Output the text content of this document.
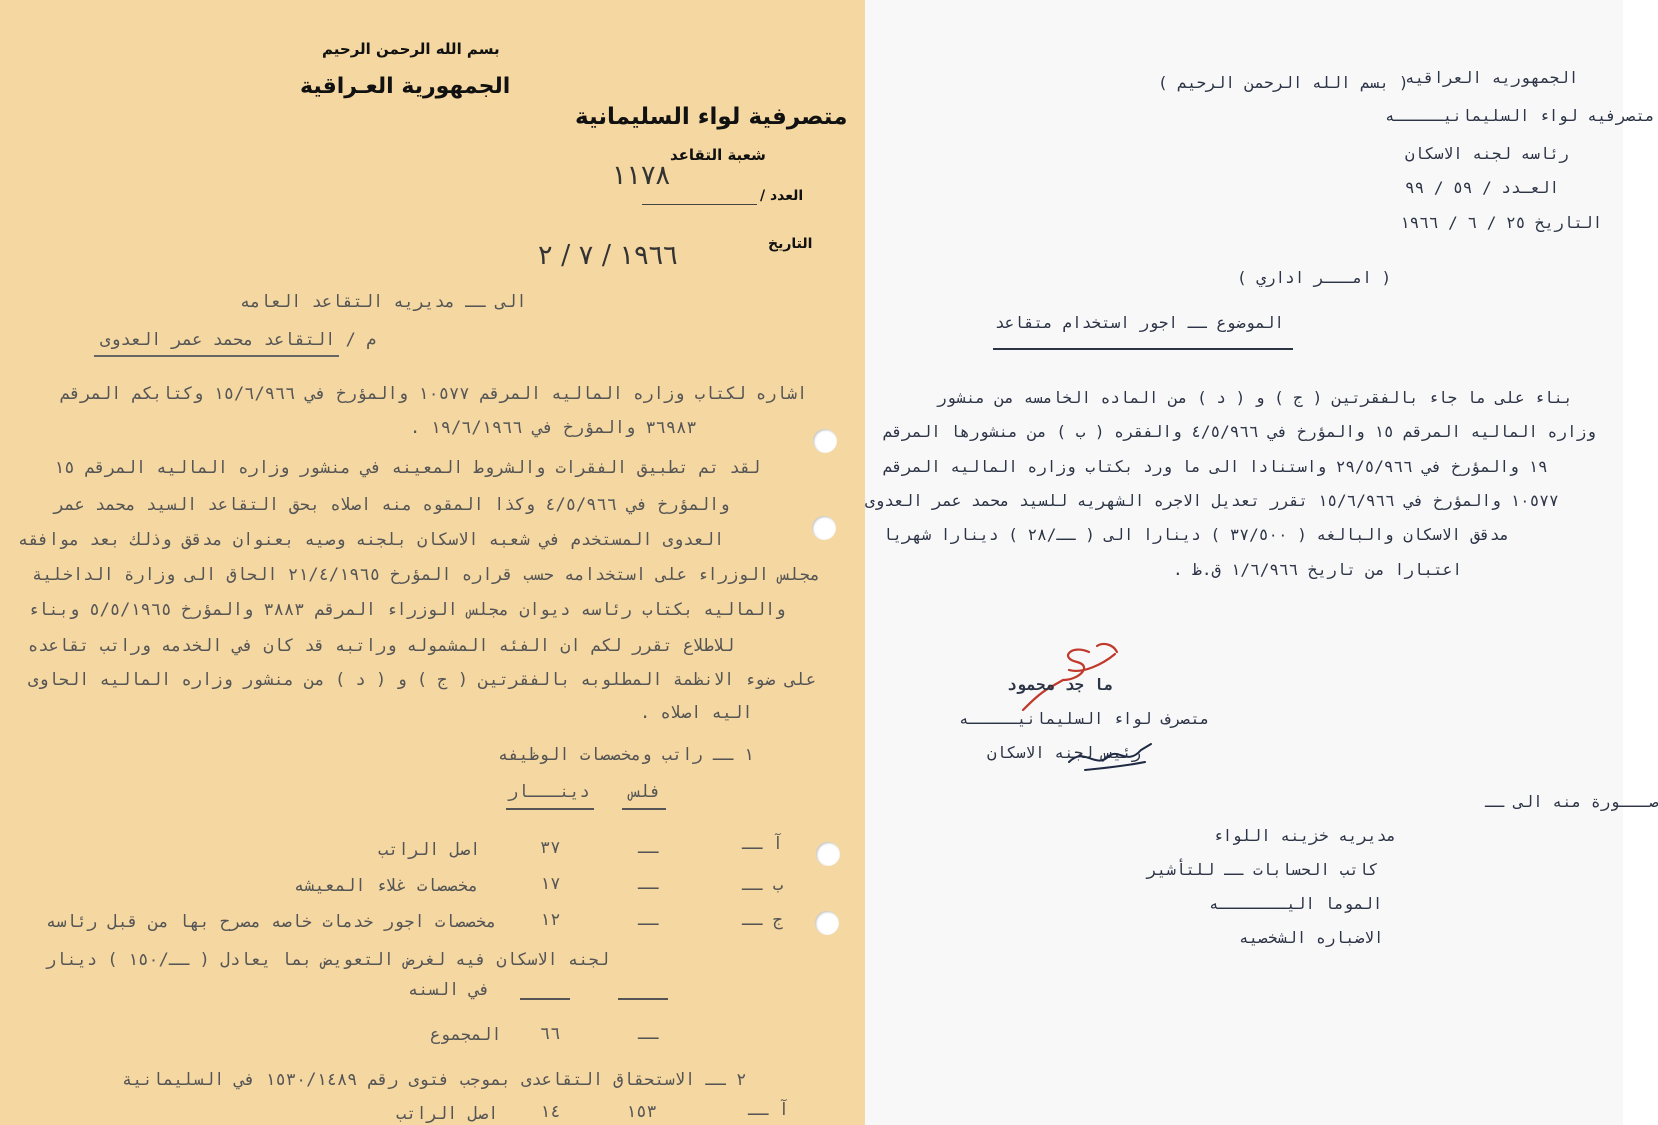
بسم الله الرحمن الرحيم
الجمهورية العـراقية
متصرفية لواء السليمانية
شعبة التقاعد
١١٧٨
العدد /
التاريخ
١٩٦٦ / ٧ / ٢
الى ــ مديريه التقاعد العامه
م / التقاعد محمد عمر العدوى
اشاره لكتاب وزاره الماليه المرقم ١٠٥٧٧ والمؤرخ في ١٥/٦/٩٦٦ وكتابكم المرقم
٣٦٩٨٣ والمؤرخ في ١٩/٦/١٩٦٦ .
لقد تم تطبيق الفقرات والشروط المعينه في منشور وزاره الماليه المرقم ١٥
والمؤرخ في ٤/٥/٩٦٦ وكذا المقوه منه اصلاه بحق التقاعد السيد محمد عمر
العدوى المستخدم في شعبه الاسكان بلجنه وصيه بعنوان مدقق وذلك بعد موافقه
مجلس الوزراء على استخدامه حسب قراره المؤرخ ٢١/٤/١٩٦٥ الحاق الى وزارة الداخلية
والماليه بكتاب رئاسه ديوان مجلس الوزراء المرقم ٣٨٨٣ والمؤرخ ٥/٥/١٩٦٥ وبناء
للاطلاع تقرر لكم ان الفئه المشموله وراتبه قد كان في الخدمه وراتب تقاعده
على ضوء الانظمة المطلوبه بالفقرتين ( ج ) و ( د ) من منشور وزاره الماليه الحاوى
اليه اصلاه .
١ ــ راتب ومخصصات الوظيفه
دينـــار فلس
آ ــ
اصل الراتب	٣٧	ــ
ب ــ
مخصصات غلاء المعيشه	١٧	ــ
ج ــ
مخصصات اجور خدمات خاصه مصرح بها من قبل رئاسه	١٢	ــ
لجنه الاسكان فيه لغرض التعويض بما يعادل ( ــ/١٥٠ ) دينار
في السنه
المجموع ٦٦	ــ
٢ ــ الاستحقاق التقاعدى بموجب فتوى رقم ١٥٣٠/١٤٨٩ في السليمانية
آ ــ
اصل الراتب ١٤	١٥٣
الجمهوريه العراقيه
( بسم الله الرحمن الرحيم )
متصرفيه لواء السليمانيـــــه
رئاسه لجنه الاسكان
العـدد / ٥٩ / ٩٩
التاريخ ٢٥ / ٦ / ١٩٦٦
( امـــر اداري )
الموضوع ــ اجور استخدام متقاعد
بناء على ما جاء بالفقرتين ( ج ) و ( د ) من الماده الخامسه من منشور
وزاره الماليه المرقم ١٥ والمؤرخ في ٤/٥/٩٦٦ والفقره ( ب ) من منشورها المرقم
١٩ والمؤرخ في ٢٩/٥/٩٦٦ واستنادا الى ما ورد بكتاب وزاره الماليه المرقم
١٠٥٧٧ والمؤرخ في ١٥/٦/٩٦٦ تقرر تعديل الاجره الشهريه للسيد محمد عمر العدوى
مدقق الاسكان والبالغه ( ٣٧/٥٠٠ ) دينارا الى ( ــ/٢٨ ) دينارا شهريا
اعتبارا من تاريخ ١/٦/٩٦٦ ق.ظ .
ما جد محمود
متصرف لواء السليمانيـــــه
رئيس لجنه الاسكان
صـــورة منه الى ــ
مديريه خزينه اللواء
كاتب الحسابات ــ للتأشير
الموما اليـــــــه
الاضباره الشخصيه
